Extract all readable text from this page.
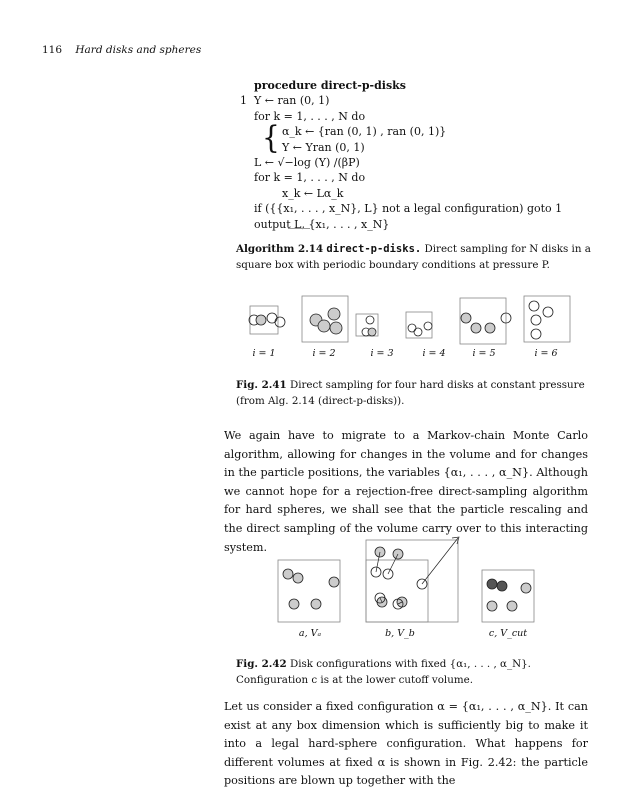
116 Hard disks and spheres
procedure direct-p-disks
1 Υ ← ran (0, 1)
for k = 1, . . . , N do
{ α_k ← {ran (0, 1) , ran (0, 1)}
Υ ← Υran (0, 1)
L ← √−log (Υ) /(βP)
for k = 1, . . . , N do
x_k ← Lα_k
if ({{x₁, . . . , x_N}, L} not a legal configuration) goto 1
output L, {x₁, . . . , x_N}
Algorithm 2.14 direct-p-disks. Direct sampling for N disks in a square box with periodic boundary conditions at pressure P.
i = 1	i = 2	i = 3	i = 4	i = 5	i = 6
Fig. 2.41 Direct sampling for four hard disks at constant pressure (from Alg. 2.14 (direct-p-disks)).
We again have to migrate to a Markov-chain Monte Carlo algorithm, allowing for changes in the volume and for changes in the particle positions, the variables {α₁, . . . , α_N}. Although we cannot hope for a rejection-free direct-sampling algorithm for hard spheres, we shall see that the particle rescaling and the direct sampling of the volume carry over to this interacting system.
a, Vₐ	b, V_b	c, V_cut
Fig. 2.42 Disk configurations with fixed {α₁, . . . , α_N}. Configuration c is at the lower cutoff volume.
Let us consider a fixed configuration α = {α₁, . . . , α_N}. It can exist at any box dimension which is sufficiently big to make it into a legal hard-sphere configuration. What happens for different volumes at fixed α is shown in Fig. 2.42: the particle positions are blown up together with the
